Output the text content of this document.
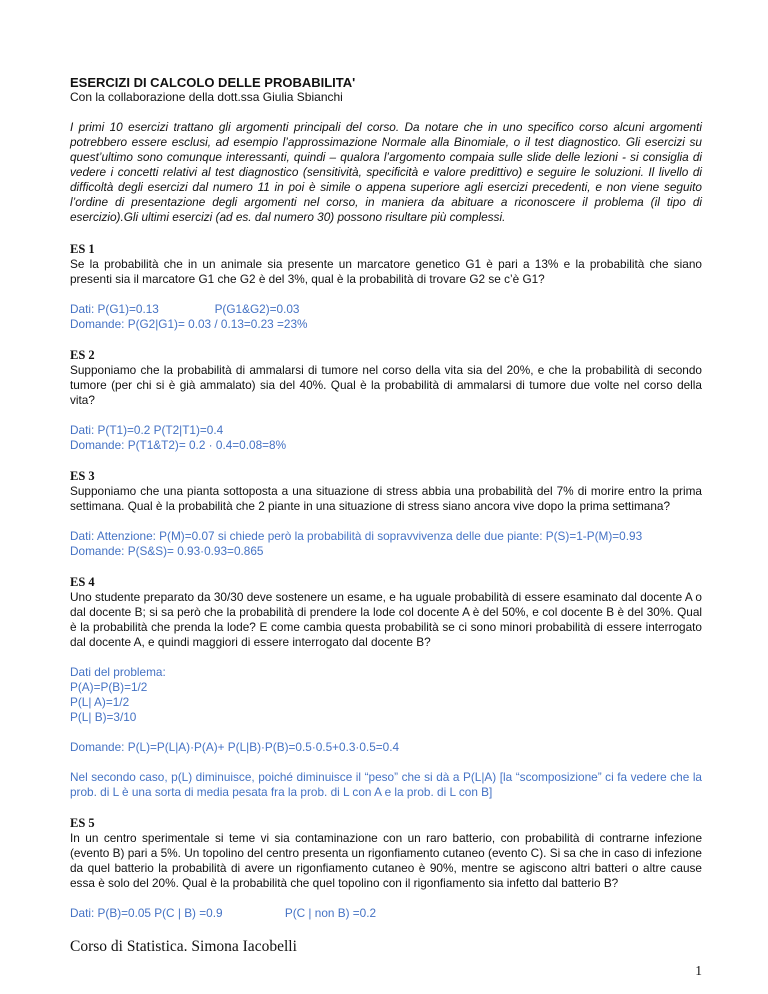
ESERCIZI DI CALCOLO DELLE PROBABILITA'
Con la collaborazione della dott.ssa Giulia Sbianchi
I primi 10 esercizi trattano gli argomenti principali del corso. Da notare che in uno specifico corso alcuni argomenti potrebbero essere esclusi, ad esempio l’approssimazione Normale alla Binomiale, o il test diagnostico. Gli esercizi su quest’ultimo sono comunque interessanti, quindi – qualora l’argomento compaia sulle slide delle lezioni - si consiglia di vedere i concetti relativi al test diagnostico (sensitività, specificità e valore predittivo) e seguire le soluzioni. Il livello di difficoltà degli esercizi dal numero 11 in poi è simile o appena superiore agli esercizi precedenti, e non viene seguito l’ordine di presentazione degli argomenti nel corso, in maniera da abituare a riconoscere il problema (il tipo di esercizio).Gli ultimi esercizi (ad es. dal numero 30) possono risultare più complessi.
ES 1
Se la probabilità che in un animale sia presente un marcatore genetico G1 è pari a 13% e la probabilità che siano presenti sia il marcatore G1 che G2 è del 3%, qual è la probabilità di trovare G2 se c’è G1?
Dati: P(G1)=0.13                 P(G1&G2)=0.03
Domande: P(G2|G1)= 0.03 / 0.13=0.23 =23%
ES 2
Supponiamo che la probabilità di ammalarsi di tumore nel corso della vita sia del 20%, e che la probabilità di secondo tumore (per chi si è già ammalato) sia del 40%. Qual è la probabilità di ammalarsi di tumore due volte nel corso della vita?
Dati: P(T1)=0.2 P(T2|T1)=0.4
Domande: P(T1&T2)= 0.2 · 0.4=0.08=8%
ES 3
Supponiamo che una pianta sottoposta a una situazione di stress abbia una probabilità del 7% di morire entro la prima settimana. Qual è la probabilità che 2 piante in una situazione di stress siano ancora vive dopo la prima settimana?
Dati: Attenzione: P(M)=0.07 si chiede però la probabilità di sopravvivenza delle due piante: P(S)=1-P(M)=0.93
Domande: P(S&S)= 0.93·0.93=0.865
ES 4
Uno studente preparato da 30/30 deve sostenere un esame, e ha uguale probabilità di essere esaminato dal docente A o dal docente B; si sa però che la probabilità di prendere la lode col docente A è del 50%, e col docente B è del 30%. Qual è la probabilità che prenda la lode? E come cambia questa probabilità se ci sono minori probabilità di essere interrogato dal docente A, e quindi maggiori di essere interrogato dal docente B?
Dati del problema:
P(A)=P(B)=1/2
P(L| A)=1/2
P(L| B)=3/10
Domande: P(L)=P(L|A)·P(A)+ P(L|B)·P(B)=0.5·0.5+0.3·0.5=0.4
Nel secondo caso, p(L) diminuisce, poiché diminuisce il “peso” che si dà a P(L|A) [la “scomposizione” ci fa vedere che la prob. di L è una sorta di media pesata fra la prob. di L con A e la prob. di L con B]
ES 5
In un centro sperimentale si teme vi sia contaminazione con un raro batterio, con probabilità di contrarne infezione (evento B) pari a 5%. Un topolino del centro presenta un rigonfiamento cutaneo (evento C). Si sa che in caso di infezione da quel batterio la probabilità di avere un rigonfiamento cutaneo è 90%, mentre se agiscono altri batteri o altre cause essa è solo del 20%. Qual è la probabilità che quel topolino con il rigonfiamento sia infetto dal batterio B?
Dati: P(B)=0.05 P(C | B) =0.9                   P(C | non B) =0.2
Corso di Statistica. Simona Iacobelli
1
